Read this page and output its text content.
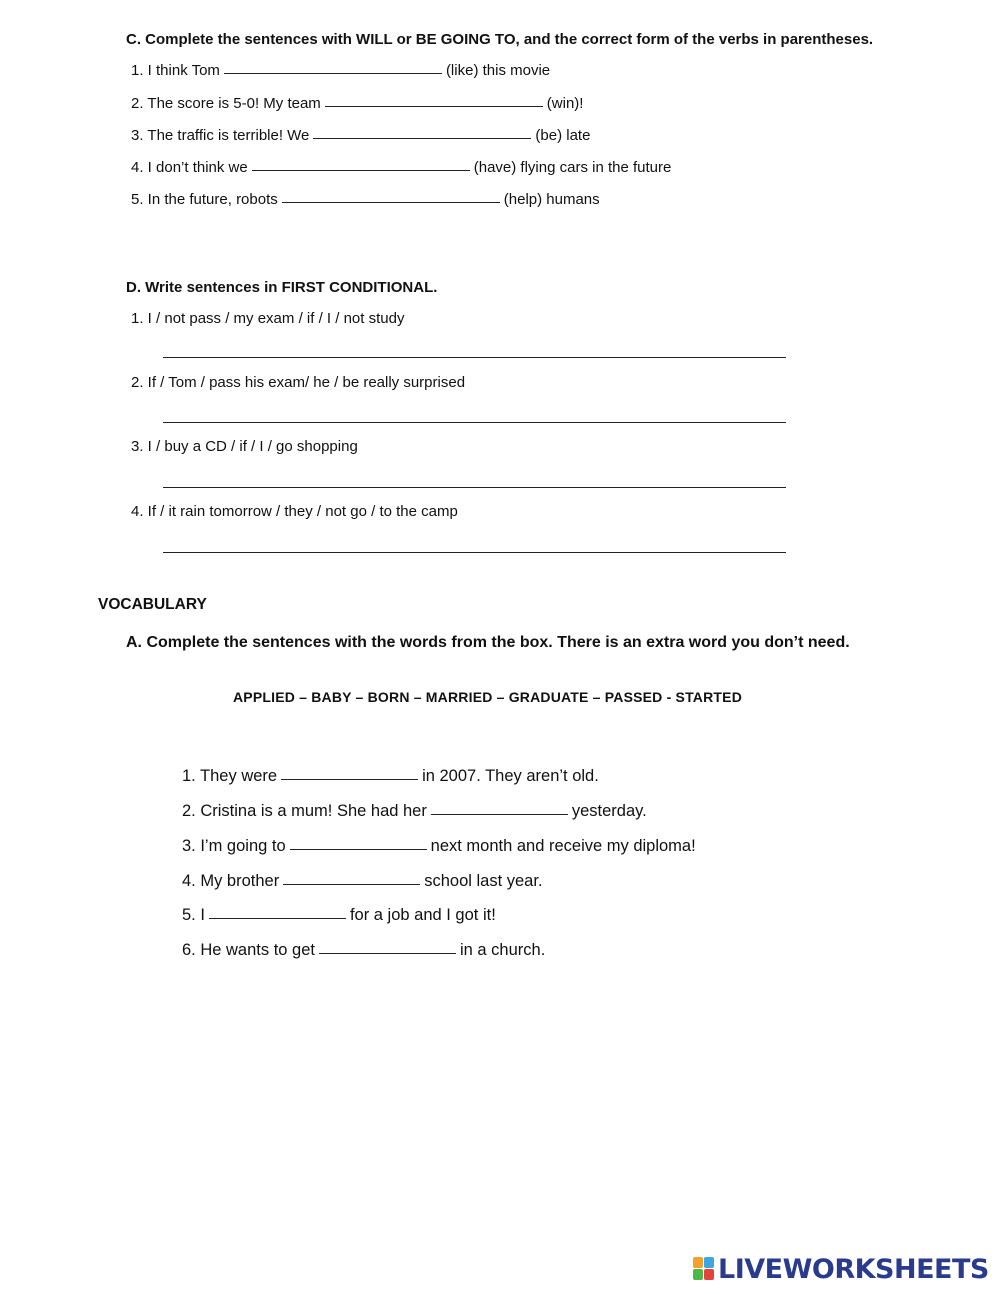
C. Complete the sentences with WILL or BE GOING TO, and the correct form of the verbs in parentheses.
1. I think Tom	(like) this movie
2. The score is 5-0! My team	(win)!
3. The traffic is terrible! We	(be) late
4. I don’t think we	(have) flying cars in the future
5. In the future, robots	(help) humans
D. Write sentences in FIRST CONDITIONAL.
1. I / not pass / my exam / if / I / not study
2. If / Tom / pass his exam/ he / be really surprised
3. I / buy a CD / if / I / go shopping
4. If / it rain tomorrow / they / not go / to the camp
VOCABULARY
A. Complete the sentences with the words from the box. There is an extra word you don’t need.
APPLIED – BABY – BORN – MARRIED – GRADUATE – PASSED - STARTED
1. They were	in 2007. They aren’t old.
2. Cristina is a mum! She had her	yesterday.
3. I’m going to	next month and receive my diploma!
4. My brother	school last year.
5. I	for a job and I got it!
6. He wants to get	in a church.
LIVEWORKSHEETS
